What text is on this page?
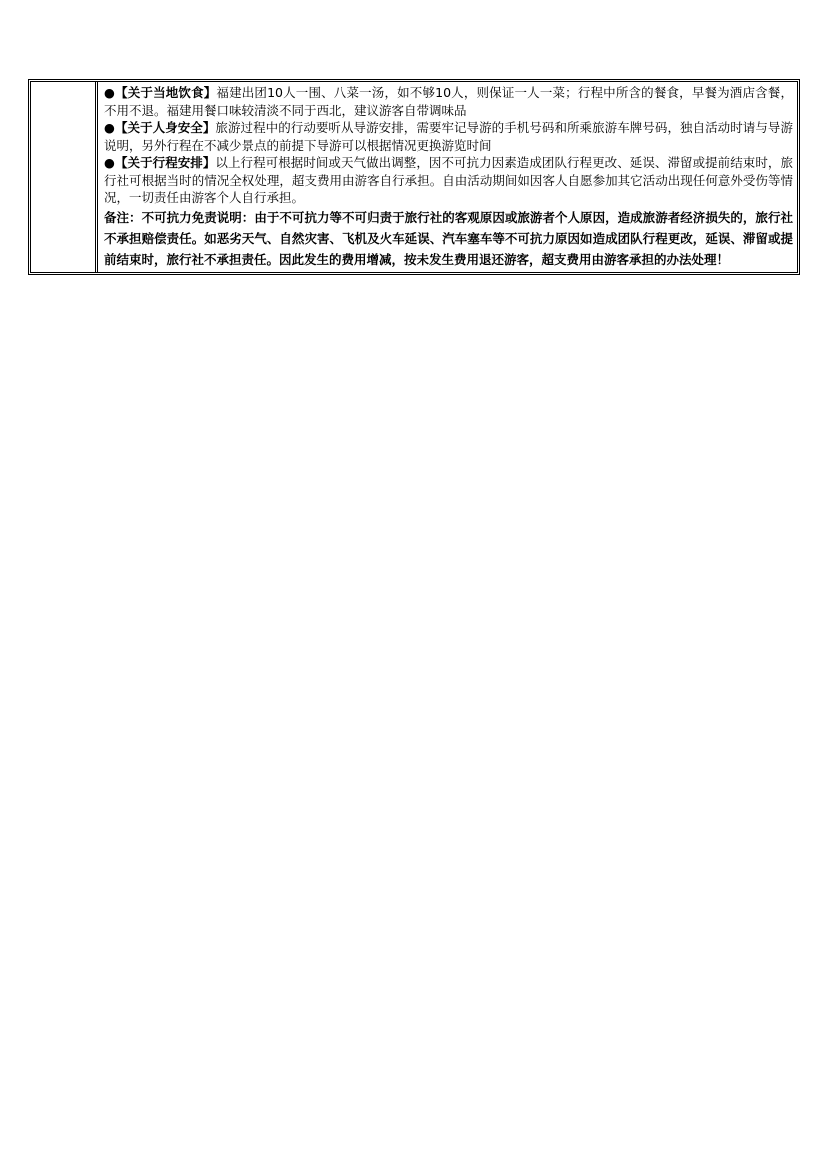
●【关于当地饮食】福建出团10人一围、八菜一汤，如不够10人，则保证一人一菜；行程中所含的餐食，早餐为酒店含餐，不用不退。福建用餐口味较清淡不同于西北，建议游客自带调味品

●【关于人身安全】旅游过程中的行动要听从导游安排，需要牢记导游的手机号码和所乘旅游车牌号码，独自活动时请与导游说明，另外行程在不减少景点的前提下导游可以根据情况更换游览时间

●【关于行程安排】以上行程可根据时间或天气做出调整，因不可抗力因素造成团队行程更改、延误、滞留或提前结束时，旅行社可根据当时的情况全权处理，超支费用由游客自行承担。自由活动期间如因客人自愿参加其它活动出现任何意外受伤等情况，一切责任由游客个人自行承担。

备注：不可抗力免责说明：由于不可抗力等不可归责于旅行社的客观原因或旅游者个人原因，造成旅游者经济损失的，旅行社不承担赔偿责任。如恶劣天气、自然灾害、飞机及火车延误、汽车塞车等不可抗力原因如造成团队行程更改，延误、滞留或提前结束时，旅行社不承担责任。因此发生的费用增减，按未发生费用退还游客，超支费用由游客承担的办法处理！
